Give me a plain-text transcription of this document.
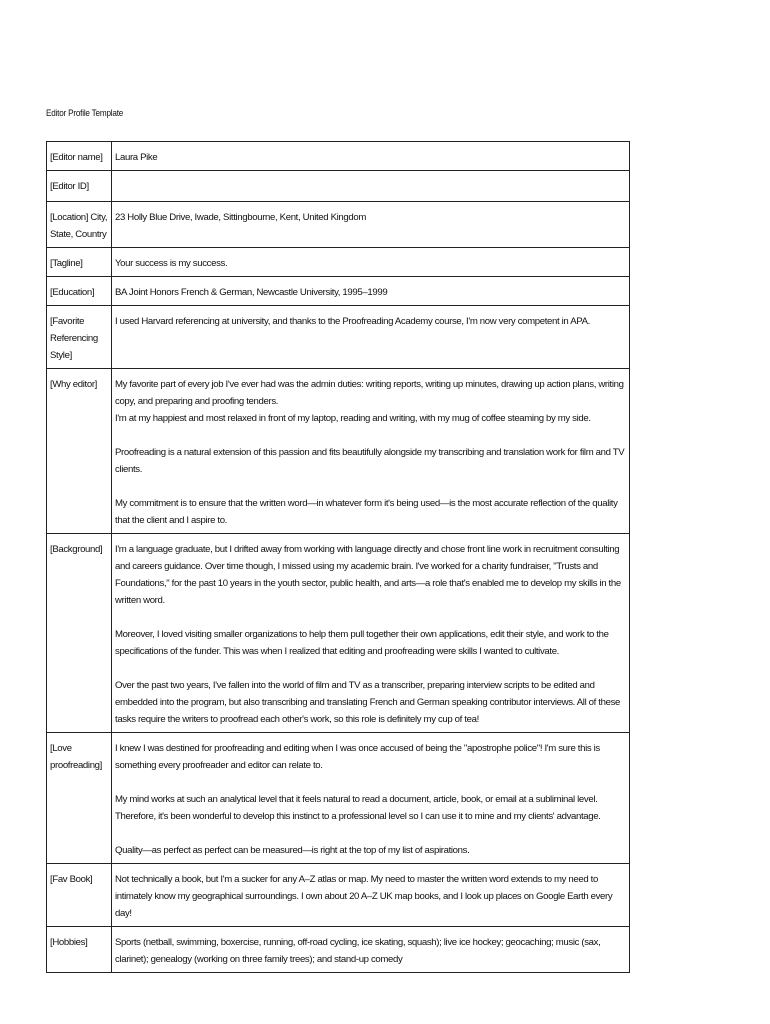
Editor Profile Template
[Editor name]	Laura Pike

[Editor ID]	
[Location] City, State, Country	23 Holly Blue Drive, Iwade, Sittingbourne, Kent, United Kingdom

[Tagline]	Your success is my success.

[Education]	BA Joint Honors French & German, Newcastle University, 1995–1999

[Favorite Referencing Style]	I used Harvard referencing at university, and thanks to the Proofreading Academy course, I'm now very competent in APA.

[Why editor]	My favorite part of every job I've ever had was the admin duties: writing reports, writing up minutes, drawing up action plans, writing copy, and preparing and proofing tenders.

I'm at my happiest and most relaxed in front of my laptop, reading and writing, with my mug of coffee steaming by my side.

Proofreading is a natural extension of this passion and fits beautifully alongside my transcribing and translation work for film and TV clients.

My commitment is to ensure that the written word—in whatever form it's being used—is the most accurate reflection of the quality that the client and I aspire to.

[Background]	I'm a language graduate, but I drifted away from working with language directly and chose front line work in recruitment consulting and careers guidance. Over time though, I missed using my academic brain. I've worked for a charity fundraiser, "Trusts and Foundations," for the past 10 years in the youth sector, public health, and arts—a role that's enabled me to develop my skills in the written word.

Moreover, I loved visiting smaller organizations to help them pull together their own applications, edit their style, and work to the specifications of the funder. This was when I realized that editing and proofreading were skills I wanted to cultivate.

Over the past two years, I've fallen into the world of film and TV as a transcriber, preparing interview scripts to be edited and embedded into the program, but also transcribing and translating French and German speaking contributor interviews. All of these tasks require the writers to proofread each other's work, so this role is definitely my cup of tea!

[Love proofreading]	I knew I was destined for proofreading and editing when I was once accused of being the "apostrophe police"! I'm sure this is something every proofreader and editor can relate to.

My mind works at such an analytical level that it feels natural to read a document, article, book, or email at a subliminal level. Therefore, it's been wonderful to develop this instinct to a professional level so I can use it to mine and my clients' advantage.

Quality—as perfect as perfect can be measured—is right at the top of my list of aspirations.

[Fav Book]	Not technically a book, but I'm a sucker for any A–Z atlas or map. My need to master the written word extends to my need to intimately know my geographical surroundings. I own about 20 A–Z UK map books, and I look up places on Google Earth every day!

[Hobbies]	Sports (netball, swimming, boxercise, running, off-road cycling, ice skating, squash); live ice hockey; geocaching; music (sax, clarinet); genealogy (working on three family trees); and stand-up comedy
